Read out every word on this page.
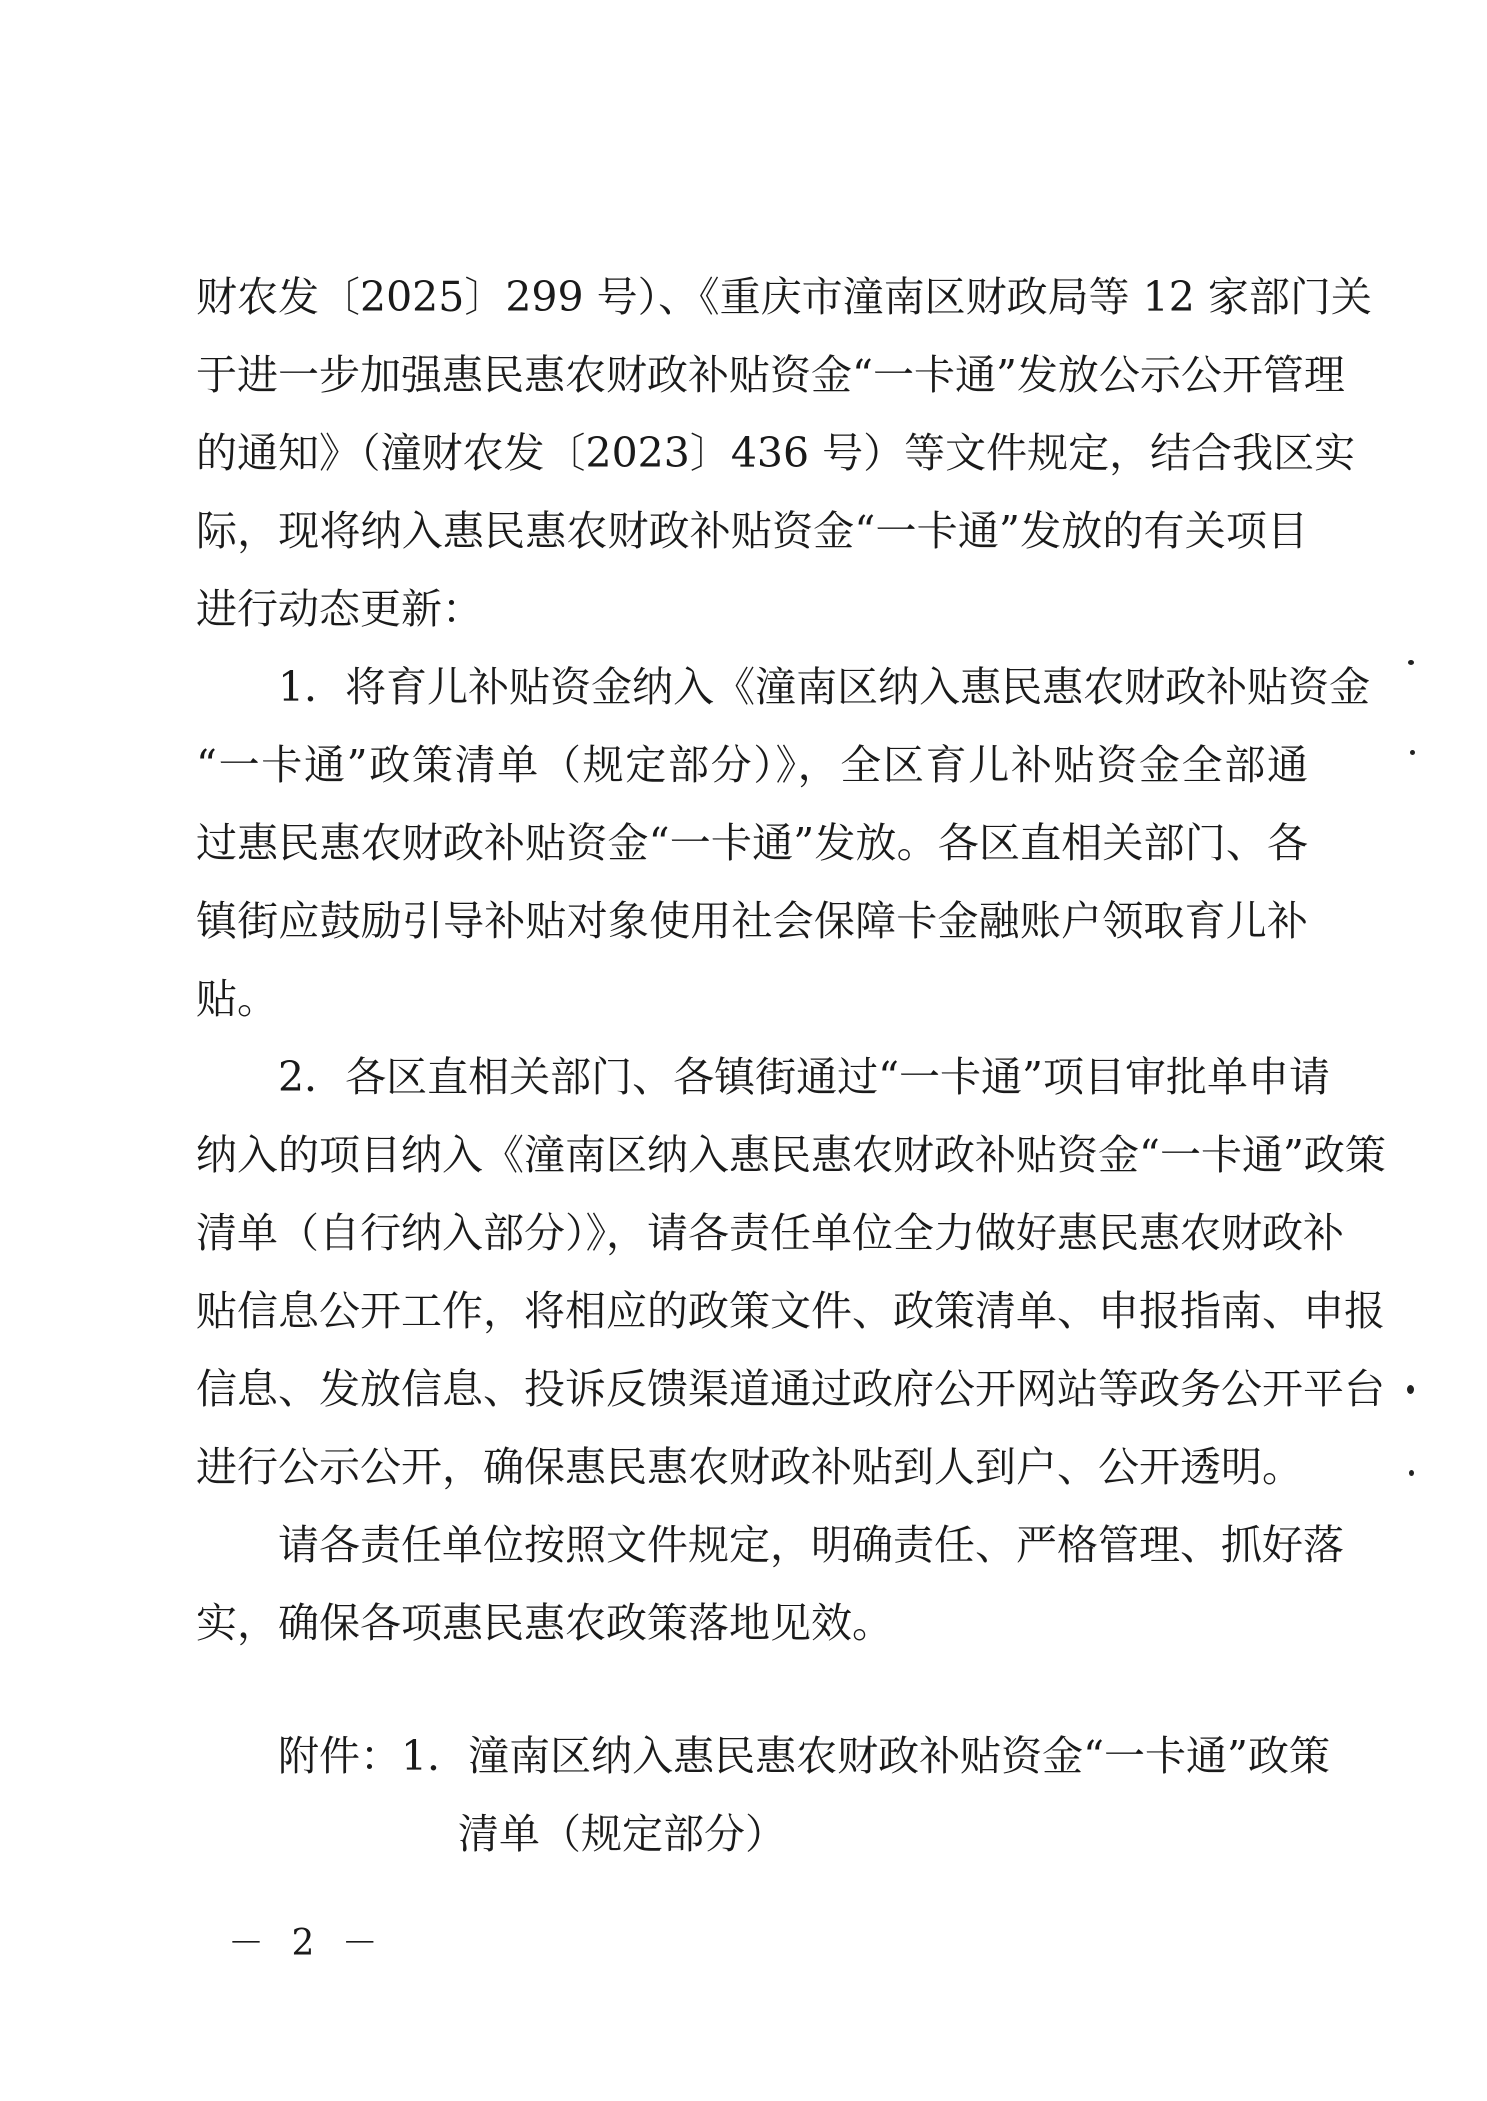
财农发〔2025〕299 号）、《重庆市潼南区财政局等 12 家部门关

于进一步加强惠民惠农财政补贴资金“一卡通”发放公示公开管理

的通知》（潼财农发〔2023〕436 号）等文件规定，结合我区实

际，现将纳入惠民惠农财政补贴资金“一卡通”发放的有关项目

进行动态更新：

1．将育儿补贴资金纳入《潼南区纳入惠民惠农财政补贴资金

“一卡通”政策清单（规定部分）》，全区育儿补贴资金全部通

过惠民惠农财政补贴资金“一卡通”发放。各区直相关部门、各

镇街应鼓励引导补贴对象使用社会保障卡金融账户领取育儿补

贴。

2．各区直相关部门、各镇街通过“一卡通”项目审批单申请

纳入的项目纳入《潼南区纳入惠民惠农财政补贴资金“一卡通”政策

清单（自行纳入部分）》，请各责任单位全力做好惠民惠农财政补

贴信息公开工作，将相应的政策文件、政策清单、申报指南、申报

信息、发放信息、投诉反馈渠道通过政府公开网站等政务公开平台

进行公示公开，确保惠民惠农财政补贴到人到户、公开透明。

请各责任单位按照文件规定，明确责任、严格管理、抓好落

实，确保各项惠民惠农政策落地见效。

附件：1．潼南区纳入惠民惠农财政补贴资金“一卡通”政策

清单（规定部分）

－ 2 －
